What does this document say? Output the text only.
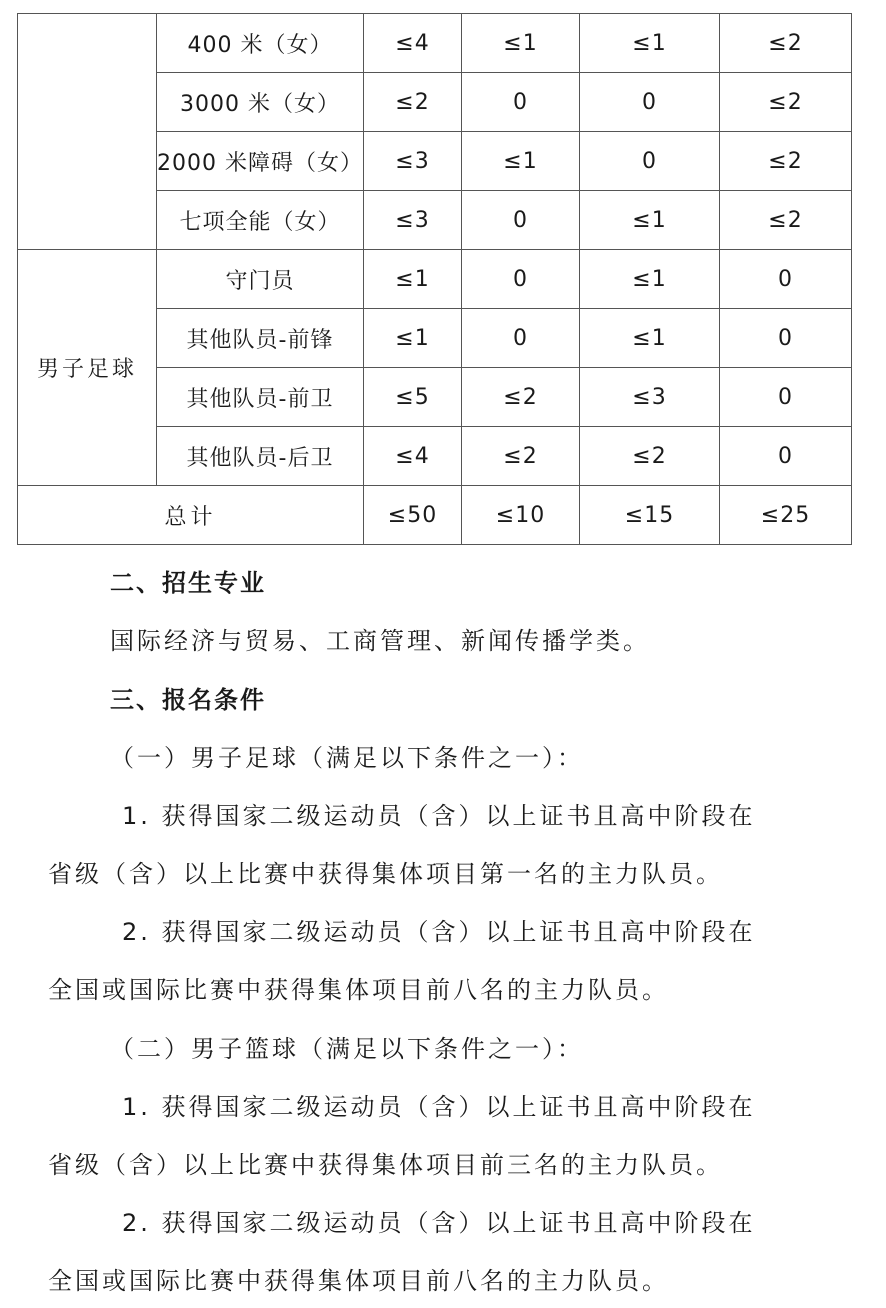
	400 米（女）	≤4	≤1	≤1	≤2
	3000 米（女）	≤2	0	0	≤2
	2000 米障碍（女）	≤3	≤1	0	≤2
	七项全能（女）	≤3	0	≤1	≤2
男子足球	守门员	≤1	0	≤1	0
	其他队员-前锋	≤1	0	≤1	0
	其他队员-前卫	≤5	≤2	≤3	0
	其他队员-后卫	≤4	≤2	≤2	0
总计		≤50	≤10	≤15	≤25
二、招生专业
国际经济与贸易、工商管理、新闻传播学类。
三、报名条件
（一）男子足球（满足以下条件之一）：
1. 获得国家二级运动员（含）以上证书且高中阶段在
省级（含）以上比赛中获得集体项目第一名的主力队员。
2. 获得国家二级运动员（含）以上证书且高中阶段在
全国或国际比赛中获得集体项目前八名的主力队员。
（二）男子篮球（满足以下条件之一）：
1. 获得国家二级运动员（含）以上证书且高中阶段在
省级（含）以上比赛中获得集体项目前三名的主力队员。
2. 获得国家二级运动员（含）以上证书且高中阶段在
全国或国际比赛中获得集体项目前八名的主力队员。
